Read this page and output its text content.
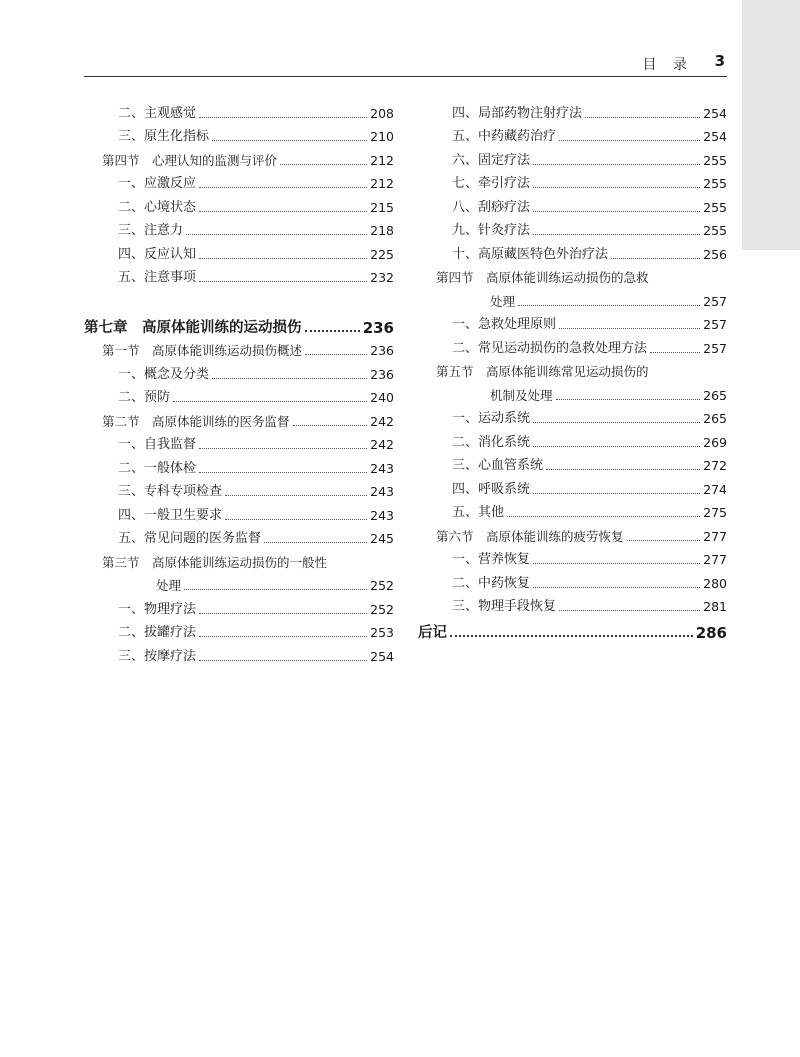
目 录 3
二、主观感觉	208
三、原生化指标	210
第四节　心理认知的监测与评价	212
一、应激反应	212
二、心境状态	215
三、注意力	218
四、反应认知	225
五、注意事项	232
第七章　高原体能训练的运动损伤	236
第一节　高原体能训练运动损伤概述	236
一、概念及分类	236
二、预防	240
第二节　高原体能训练的医务监督	242
一、自我监督	242
二、一般体检	243
三、专科专项检查	243
四、一般卫生要求	243
五、常见问题的医务监督	245
第三节　高原体能训练运动损伤的一般性
处理	252
一、物理疗法	252
二、拔罐疗法	253
三、按摩疗法	254
四、局部药物注射疗法	254
五、中药藏药治疗	254
六、固定疗法	255
七、牵引疗法	255
八、刮痧疗法	255
九、针灸疗法	255
十、高原藏医特色外治疗法	256
第四节　高原体能训练运动损伤的急救
处理	257
一、急救处理原则	257
二、常见运动损伤的急救处理方法	257
第五节　高原体能训练常见运动损伤的
机制及处理	265
一、运动系统	265
二、消化系统	269
三、心血管系统	272
四、呼吸系统	274
五、其他	275
第六节　高原体能训练的疲劳恢复	277
一、营养恢复	277
二、中药恢复	280
三、物理手段恢复	281
后记	286
